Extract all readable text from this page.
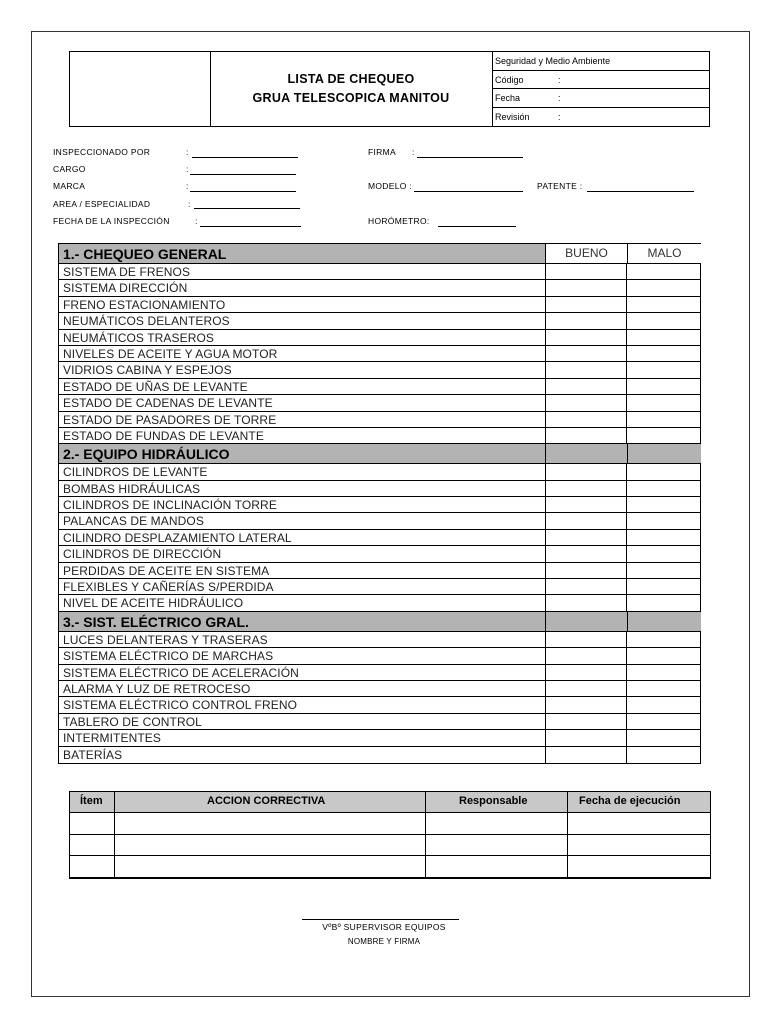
LISTA DE CHEQUEO
GRUA TELESCOPICA MANITOU
Seguridad y Medio Ambiente
Código	:
Fecha	:
Revisión	:
INSPECCIONADO POR	:
CARGO	:
MARCA	:
AREA / ESPECIALIDAD	:
FECHA DE LA INSPECCIÓN	:
FIRMA :
MODELO :	PATENTE :
HORÓMETRO:
1.- CHEQUEO GENERAL	BUENO	MALO
SISTEMA DE FRENOS
SISTEMA DIRECCIÓN
FRENO ESTACIONAMIENTO
NEUMÁTICOS DELANTEROS
NEUMÁTICOS TRASEROS
NIVELES DE ACEITE Y AGUA MOTOR
VIDRIOS CABINA Y ESPEJOS
ESTADO DE UÑAS DE LEVANTE
ESTADO DE CADENAS DE LEVANTE
ESTADO DE PASADORES DE TORRE
ESTADO DE FUNDAS DE LEVANTE
2.- EQUIPO HIDRÁULICO
CILINDROS DE LEVANTE
BOMBAS HIDRÁULICAS
CILINDROS DE INCLINACIÓN TORRE
PALANCAS DE MANDOS
CILINDRO DESPLAZAMIENTO LATERAL
CILINDROS DE DIRECCIÓN
PERDIDAS DE ACEITE EN SISTEMA
FLEXIBLES Y CAÑERÍAS S/PERDIDA
NIVEL DE ACEITE HIDRÁULICO
3.- SIST. ELÉCTRICO GRAL.
LUCES DELANTERAS Y TRASERAS
SISTEMA ELÉCTRICO DE MARCHAS
SISTEMA ELÉCTRICO DE ACELERACIÓN
ALARMA Y LUZ DE RETROCESO
SISTEMA ELÉCTRICO CONTROL FRENO
TABLERO DE CONTROL
INTERMITENTES
BATERÍAS
Ítem	ACCION CORRECTIVA	Responsable	Fecha de ejecución
VºBº SUPERVISOR EQUIPOS
NOMBRE Y FIRMA
